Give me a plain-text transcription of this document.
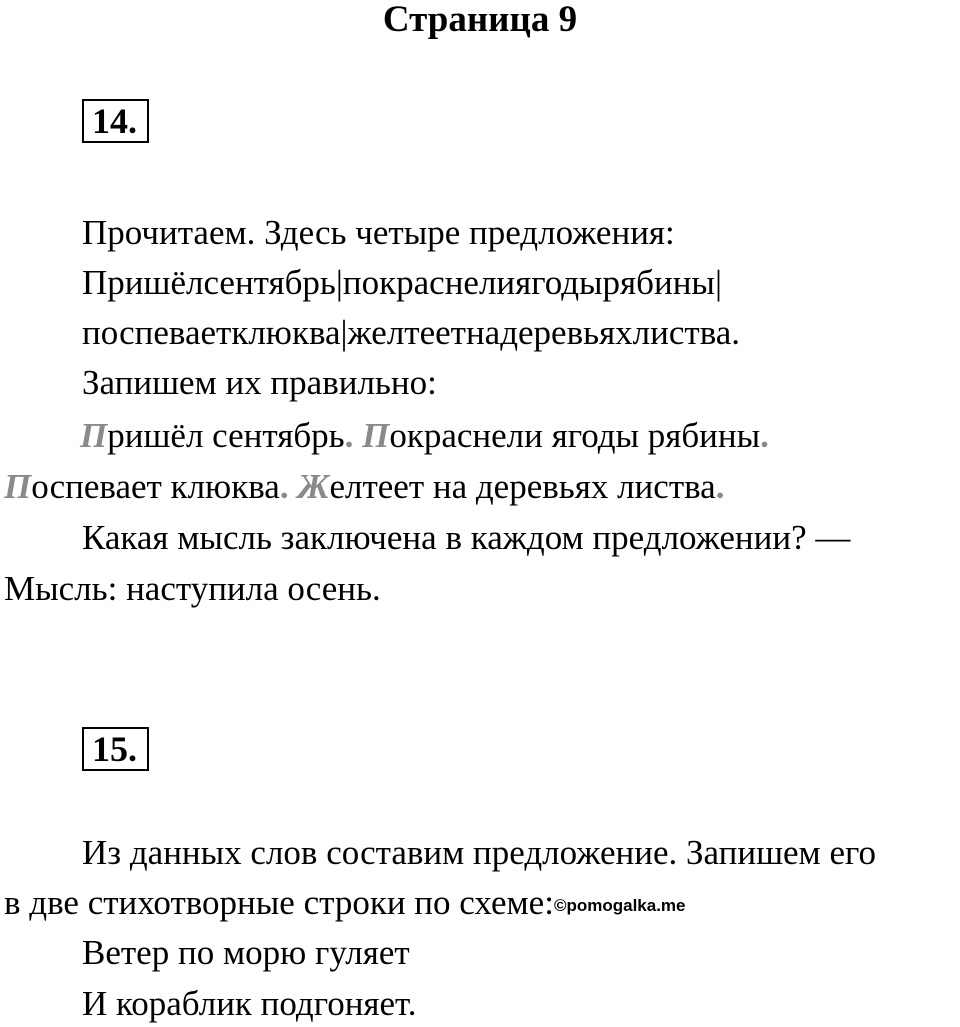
Страница 9
14.
Прочитаем. Здесь четыре предложения:
Пришёлсентябрь|покраснелиягодырябины|
поспеваетклюква|желтеетнадеревьяхлиства.
Запишем их правильно:
Пришёл сентябрь. Покраснели ягоды рябины.
Поспевает клюква. Желтеет на деревьях листва.
Какая мысль заключена в каждом предложении? —
Мысль: наступила осень.
15.
Из данных слов составим предложение. Запишем его
в две стихотворные строки по схеме:©pomogalka.me
Ветер по морю гуляет
И кораблик подгоняет.
